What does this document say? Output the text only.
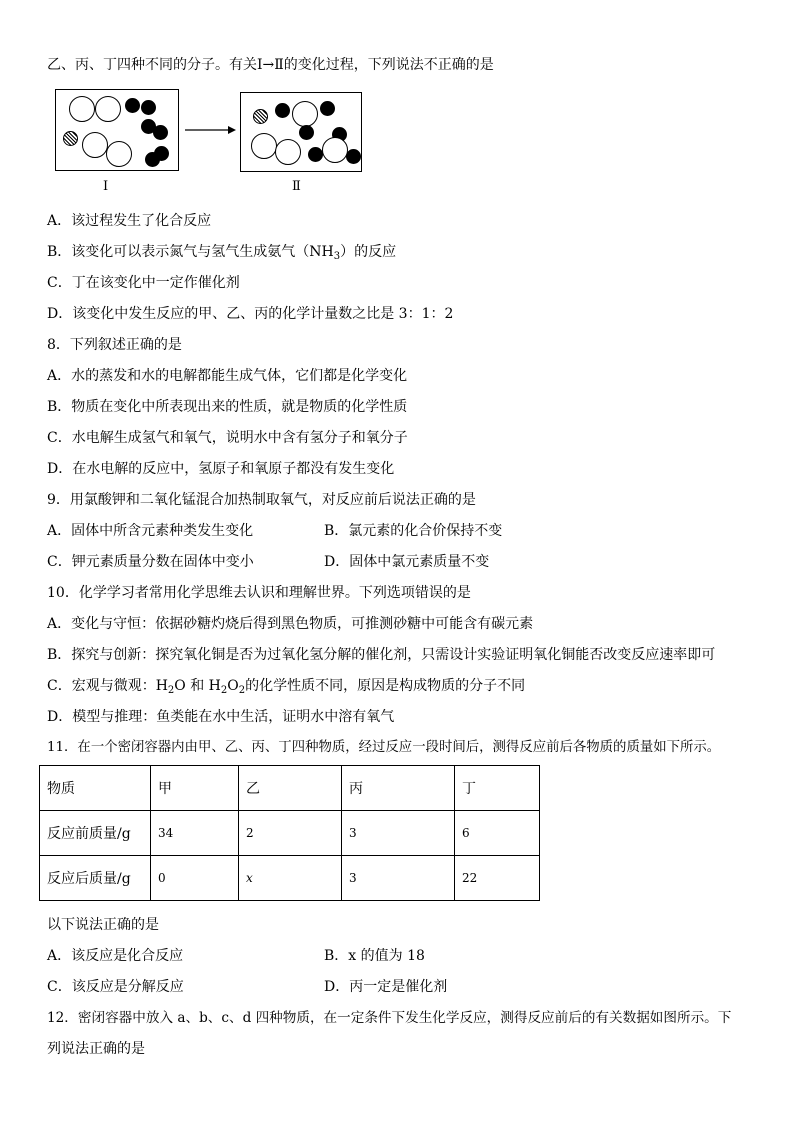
乙、丙、丁四种不同的分子。有关Ⅰ→Ⅱ的变化过程，下列说法不正确的是
Ⅰ	Ⅱ
A．该过程发生了化合反应
B．该变化可以表示氮气与氢气生成氨气$(NH_3)$的反应
C．丁在该变化中一定作催化剂
D．该变化中发生反应的甲、乙、丙的化学计量数之比是 3：1：2
8．下列叙述正确的是
A．水的蒸发和水的电解都能生成气体，它们都是化学变化
B．物质在变化中所表现出来的性质，就是物质的化学性质
C．水电解生成氢气和氧气，说明水中含有氢分子和氧分子
D．在水电解的反应中，氢原子和氧原子都没有发生变化
9．用氯酸钾和二氧化锰混合加热制取氧气，对反应前后说法正确的是
A．固体中所含元素种类发生变化	B．氯元素的化合价保持不变
C．钾元素质量分数在固体中变小	D．固体中氯元素质量不变
10．化学学习者常用化学思维去认识和理解世界。下列选项错误的是
A．变化与守恒：依据砂糖灼烧后得到黑色物质，可推测砂糖中可能含有碳元素
B．探究与创新：探究氧化铜是否为过氧化氢分解的催化剂，只需设计实验证明氧化铜能否改变反应速率即可
C．宏观与微观：$H_2O$ 和 $H_2O_2$的化学性质不同，原因是构成物质的分子不同
D．模型与推理：鱼类能在水中生活，证明水中溶有氧气
11．在一个密闭容器内由甲、乙、丙、丁四种物质，经过反应一段时间后，测得反应前后各物质的质量如下所示。
物质	甲	乙	丙	丁
反应前质量/g	34	2	3	6
反应后质量/g	0	x	3	22
以下说法正确的是
A．该反应是化合反应	B．x 的值为 18
C．该反应是分解反应	D．丙一定是催化剂
12．密闭容器中放入 a、b、c、d 四种物质，在一定条件下发生化学反应，测得反应前后的有关数据如图所示。下
列说法正确的是
